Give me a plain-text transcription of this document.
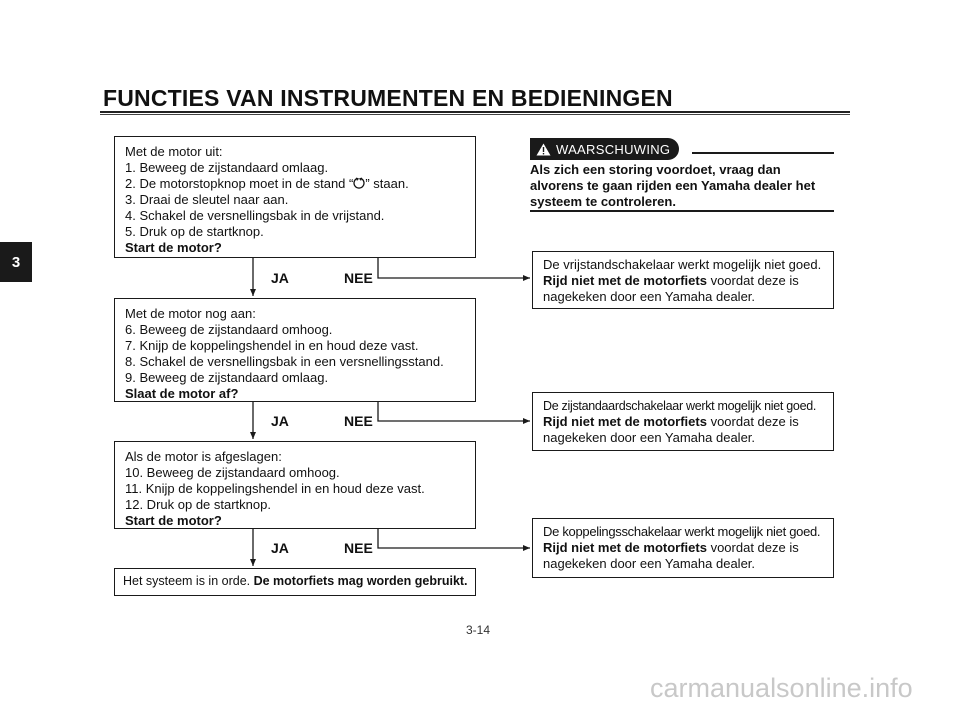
FUNCTIES VAN INSTRUMENTEN EN BEDIENINGEN
3
Met de motor uit:
1. Beweeg de zijstandaard omlaag.
2. De motorstopknop moet in de stand “ ” staan.
3. Draai de sleutel naar aan.
4. Schakel de versnellingsbak in de vrijstand.
5. Druk op de startknop.
Start de motor?
JA	NEE
Met de motor nog aan:
6. Beweeg de zijstandaard omhoog.
7. Knijp de koppelingshendel in en houd deze vast.
8. Schakel de versnellingsbak in een versnellingsstand.
9. Beweeg de zijstandaard omlaag.
Slaat de motor af?
JA	NEE
Als de motor is afgeslagen:
10. Beweeg de zijstandaard omhoog.
11. Knijp de koppelingshendel in en houd deze vast.
12. Druk op de startknop.
Start de motor?
JA	NEE
Het systeem is in orde. De motorfiets mag worden gebruikt.
WAARSCHUWING
Als zich een storing voordoet, vraag dan alvorens te gaan rijden een Yamaha dealer het systeem te controleren.
De vrijstandschakelaar werkt mogelijk niet goed.
Rijd niet met de motorfiets voordat deze is
nagekeken door een Yamaha dealer.
De zijstandaardschakelaar werkt mogelijk niet goed.
Rijd niet met de motorfiets voordat deze is
nagekeken door een Yamaha dealer.
De koppelingsschakelaar werkt mogelijk niet goed.
Rijd niet met de motorfiets voordat deze is
nagekeken door een Yamaha dealer.
3-14
carmanualsonline.info
